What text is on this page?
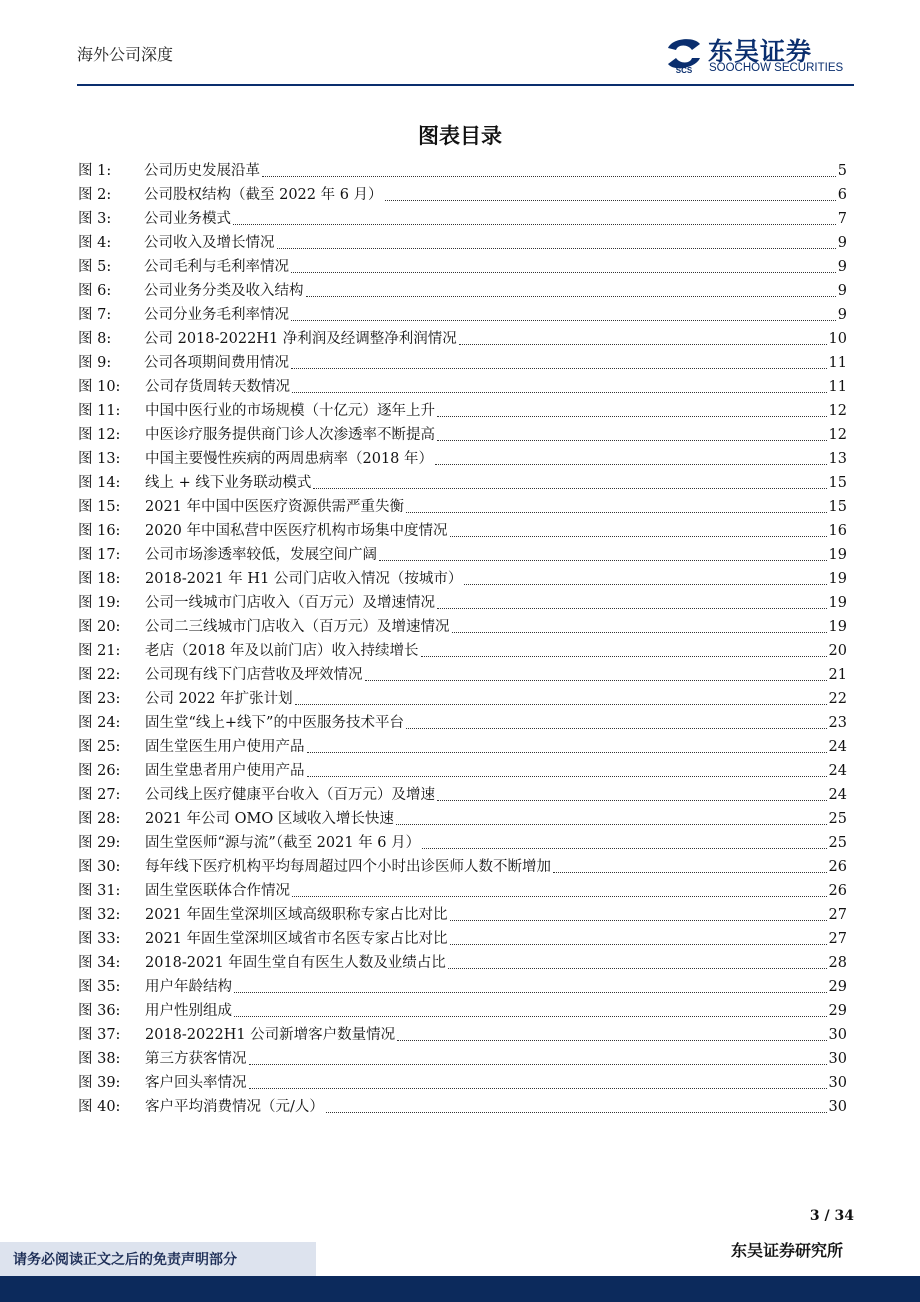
海外公司深度
SCS
东吴证券
SOOCHOW SECURITIES
图表目录
图 1:	公司历史发展沿革	5
图 2:	公司股权结构（截至 2022 年 6 月）	6
图 3:	公司业务模式	7
图 4:	公司收入及增长情况	9
图 5:	公司毛利与毛利率情况	9
图 6:	公司业务分类及收入结构	9
图 7:	公司分业务毛利率情况	9
图 8:	公司 2018-2022H1 净利润及经调整净利润情况	10
图 9:	公司各项期间费用情况	11
图 10:	公司存货周转天数情况	11
图 11:	中国中医行业的市场规模（十亿元）逐年上升	12
图 12:	中医诊疗服务提供商门诊人次渗透率不断提高	12
图 13:	中国主要慢性疾病的两周患病率（2018 年）	13
图 14:	线上 + 线下业务联动模式	15
图 15:	2021 年中国中医医疗资源供需严重失衡	15
图 16:	2020 年中国私营中医医疗机构市场集中度情况	16
图 17:	公司市场渗透率较低，发展空间广阔	19
图 18:	2018-2021 年 H1 公司门店收入情况（按城市）	19
图 19:	公司一线城市门店收入（百万元）及增速情况	19
图 20:	公司二三线城市门店收入（百万元）及增速情况	19
图 21:	老店（2018 年及以前门店）收入持续增长	20
图 22:	公司现有线下门店营收及坪效情况	21
图 23:	公司 2022 年扩张计划	22
图 24:	固生堂“线上+线下”的中医服务技术平台	23
图 25:	固生堂医生用户使用产品	24
图 26:	固生堂患者用户使用产品	24
图 27:	公司线上医疗健康平台收入（百万元）及增速	24
图 28:	2021 年公司 OMO 区域收入增长快速	25
图 29:	固生堂医师“源与流”（截至 2021 年 6 月）	25
图 30:	每年线下医疗机构平均每周超过四个小时出诊医师人数不断增加	26
图 31:	固生堂医联体合作情况	26
图 32:	2021 年固生堂深圳区域高级职称专家占比对比	27
图 33:	2021 年固生堂深圳区域省市名医专家占比对比	27
图 34:	2018-2021 年固生堂自有医生人数及业绩占比	28
图 35:	用户年龄结构	29
图 36:	用户性别组成	29
图 37:	2018-2022H1 公司新增客户数量情况	30
图 38:	第三方获客情况	30
图 39:	客户回头率情况	30
图 40:	客户平均消费情况（元/人）	30
3 / 34
请务必阅读正文之后的免责声明部分	东吴证券研究所
